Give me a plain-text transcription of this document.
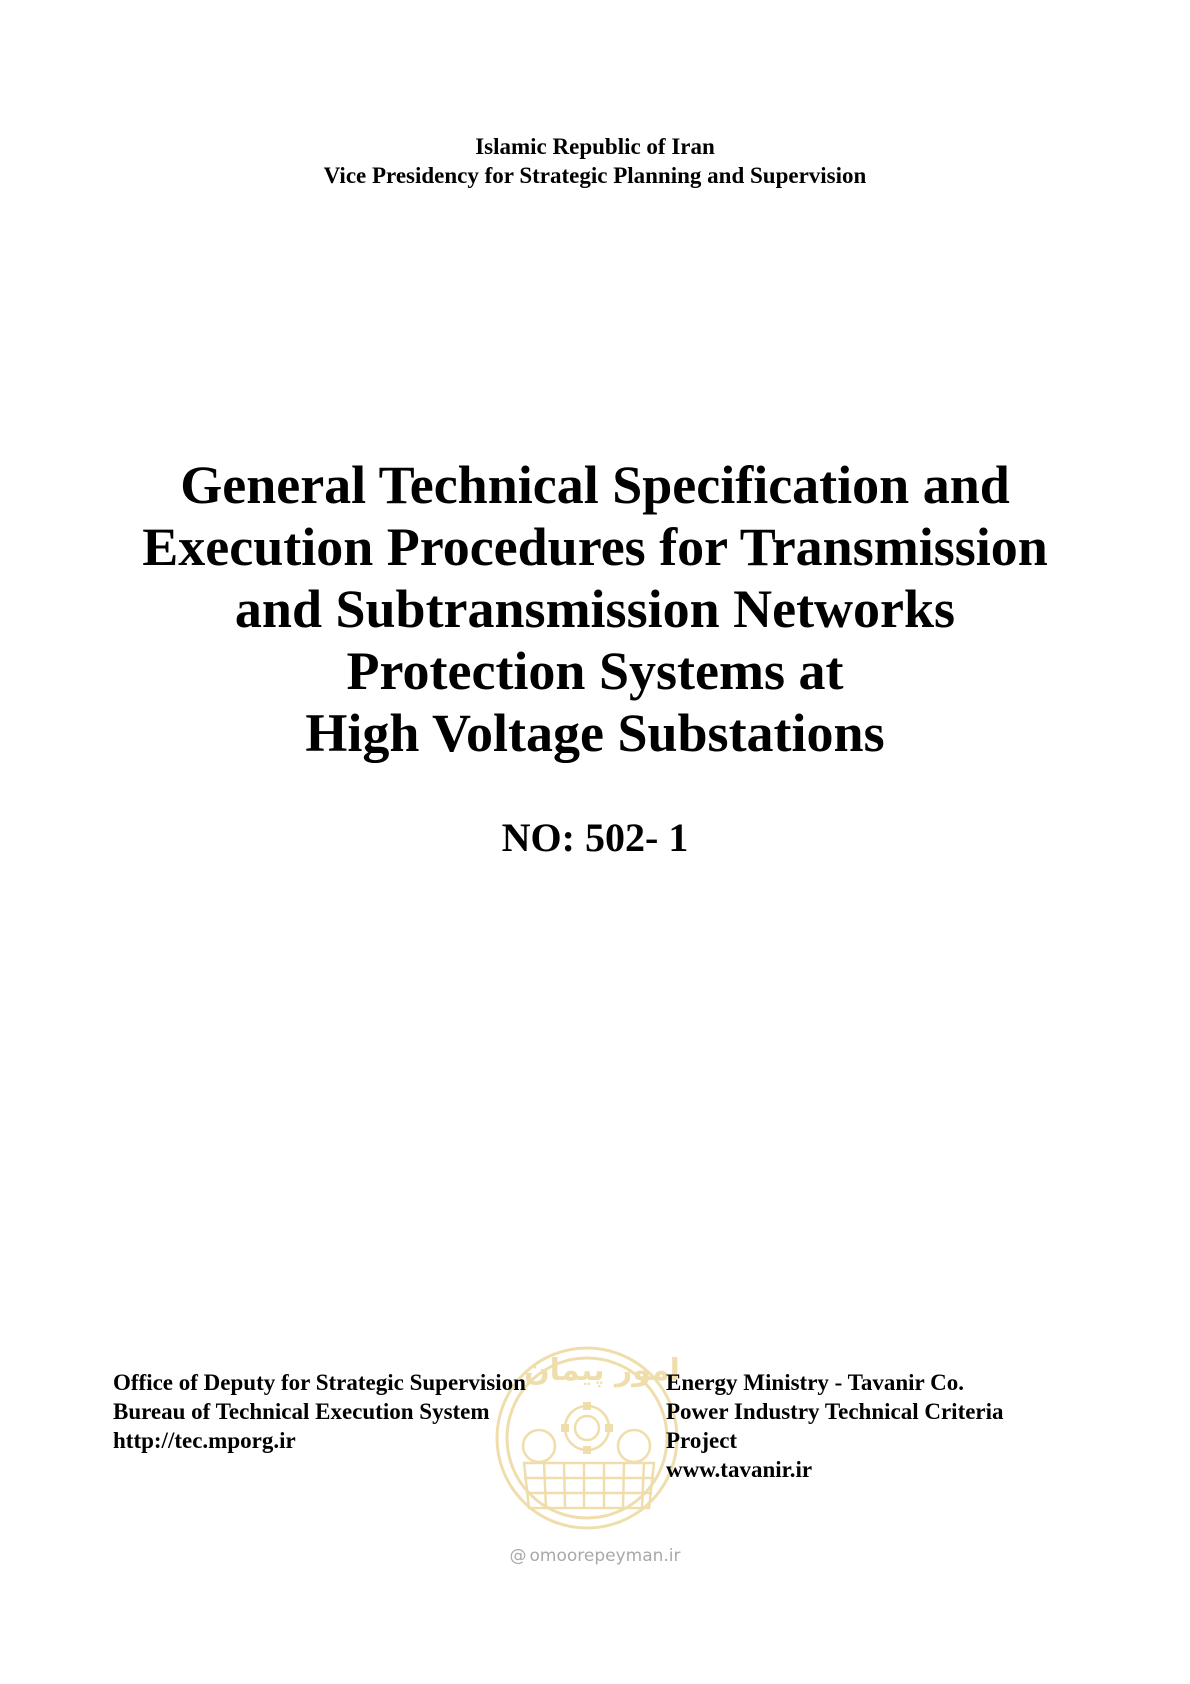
Islamic Republic of Iran
Vice Presidency for Strategic Planning and Supervision
General Technical Specification and
Execution Procedures for Transmission
and Subtransmission Networks
Protection Systems at
High Voltage Substations
NO: 502- 1
امور پیمان
Office of Deputy for Strategic Supervision
Bureau of Technical Execution System
http://tec.mporg.ir
Energy Ministry - Tavanir Co.
Power Industry Technical Criteria
Project
www.tavanir.ir
@ omoorepeyman.ir
